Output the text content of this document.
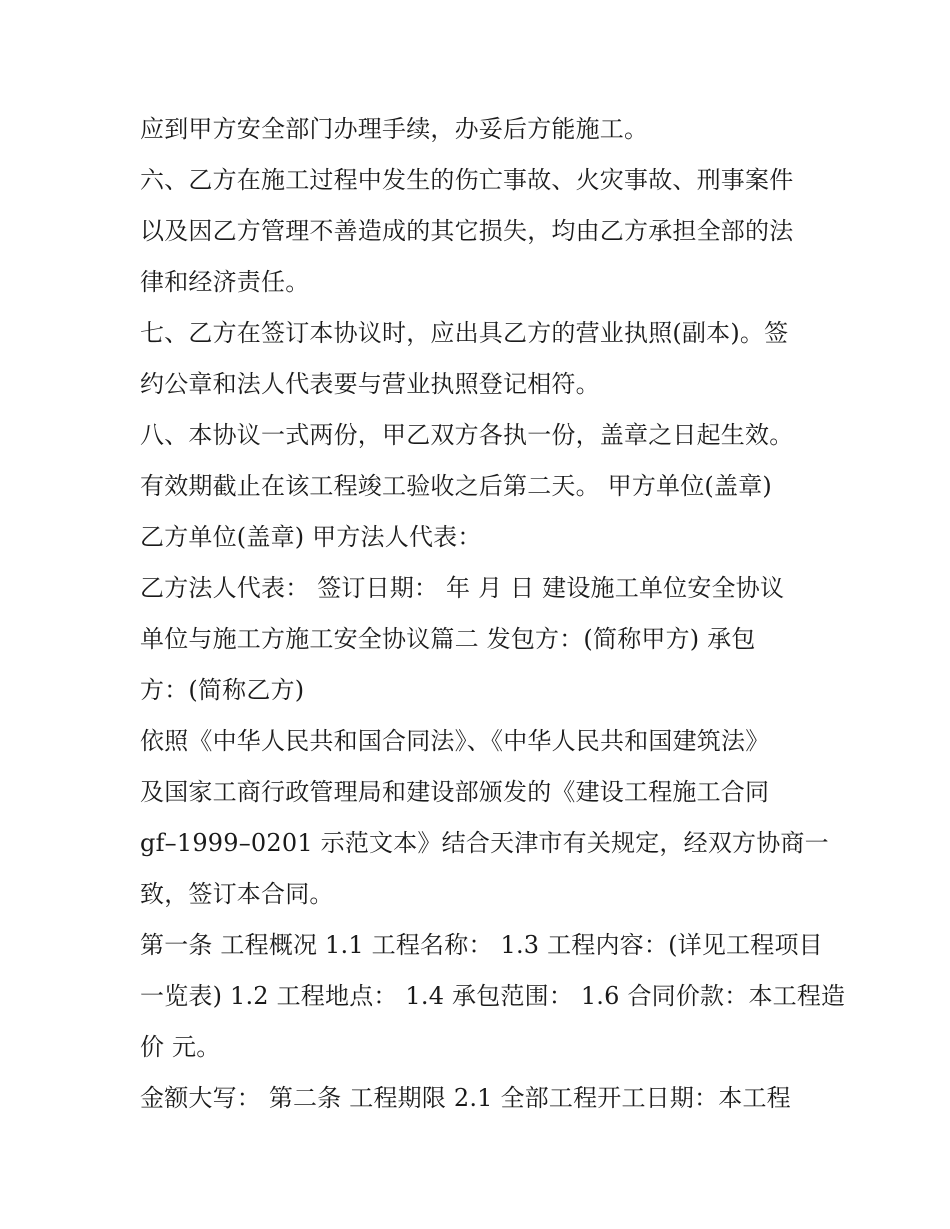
应到甲方安全部门办理手续，办妥后方能施工。
六、乙方在施工过程中发生的伤亡事故、火灾事故、刑事案件
以及因乙方管理不善造成的其它损失，均由乙方承担全部的法
律和经济责任。
七、乙方在签订本协议时，应出具乙方的营业执照(副本)。签
约公章和法人代表要与营业执照登记相符。
八、本协议一式两份，甲乙双方各执一份，盖章之日起生效。
有效期截止在该工程竣工验收之后第二天。 甲方单位(盖章)
乙方单位(盖章) 甲方法人代表：
乙方法人代表： 签订日期： 年 月 日 建设施工单位安全协议
单位与施工方施工安全协议篇二 发包方：(简称甲方) 承包
方：(简称乙方)
依照《中华人民共和国合同法》、《中华人民共和国建筑法》
及国家工商行政管理局和建设部颁发的《建设工程施工合同
gf–1999–0201 示范文本》结合天津市有关规定，经双方协商一
致，签订本合同。
第一条 工程概况 1.1 工程名称： 1.3 工程内容：(详见工程项目
一览表) 1.2 工程地点： 1.4 承包范围： 1.6 合同价款：本工程造
价 元。
金额大写： 第二条 工程期限 2.1 全部工程开工日期：本工程
